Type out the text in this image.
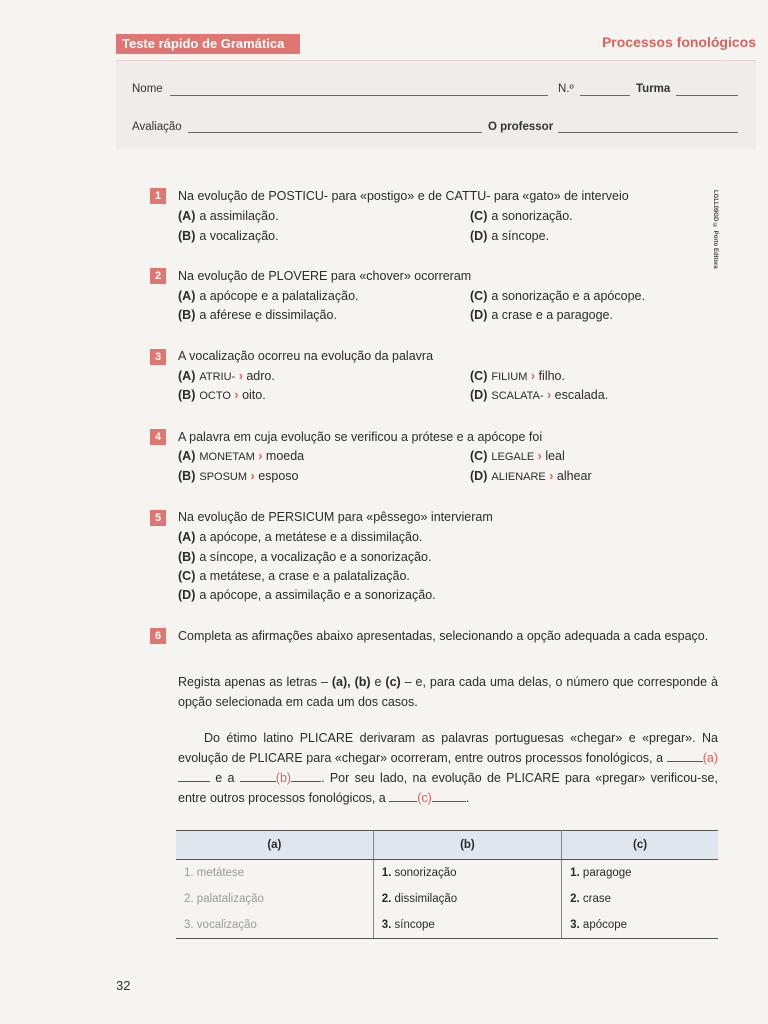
Teste rápido de Gramática	Processos fonológicos
Nome	N.º	Turma
Avaliação	O professor
LGLL09GD © Porto Editora
1	Na evolução de POSTICU- para «postigo» e de CATTU- para «gato» de interveio
(A) a assimilação.	(C) a sonorização.
(B) a vocalização.	(D) a síncope.
2	Na evolução de PLOVERE para «chover» ocorreram
(A) a apócope e a palatalização.	(C) a sonorização e a apócope.
(B) a aférese e dissimilação.	(D) a crase e a paragoge.
3	A vocalização ocorreu na evolução da palavra
(A) ATRIU- › adro.	(C) FILIUM › filho.
(B) OCTO › oito.	(D) SCALATA- › escalada.
4	A palavra em cuja evolução se verificou a prótese e a apócope foi
(A) MONETAM › moeda	(C) LEGALE › leal
(B) SPOSUM › esposo	(D) ALIENARE › alhear
5	Na evolução de PERSICUM para «pêssego» intervieram
(A) a apócope, a metátese e a dissimilação.
(B) a síncope, a vocalização e a sonorização.
(C) a metátese, a crase e a palatalização.
(D) a apócope, a assimilação e a sonorização.
6	Completa as afirmações abaixo apresentadas, selecionando a opção adequada a cada espaço.
Regista apenas as letras – (a), (b) e (c) – e, para cada uma delas, o número que corresponde à opção selecionada em cada um dos casos.
Do étimo latino PLICARE derivaram as palavras portuguesas «chegar» e «pregar». Na evolução de PLICARE para «chegar» ocorreram, entre outros processos fonológicos, a	(a) e a	(b) . Por seu lado, na evolução de PLICARE para «pregar» verificou-se, entre outros processos fonológicos, a	(c)	.
(a)	(b)	(c)
1. metátese	1. sonorização	1. paragoge
2. palatalização	2. dissimilação	2. crase
3. vocalização	3. síncope	3. apócope
32
